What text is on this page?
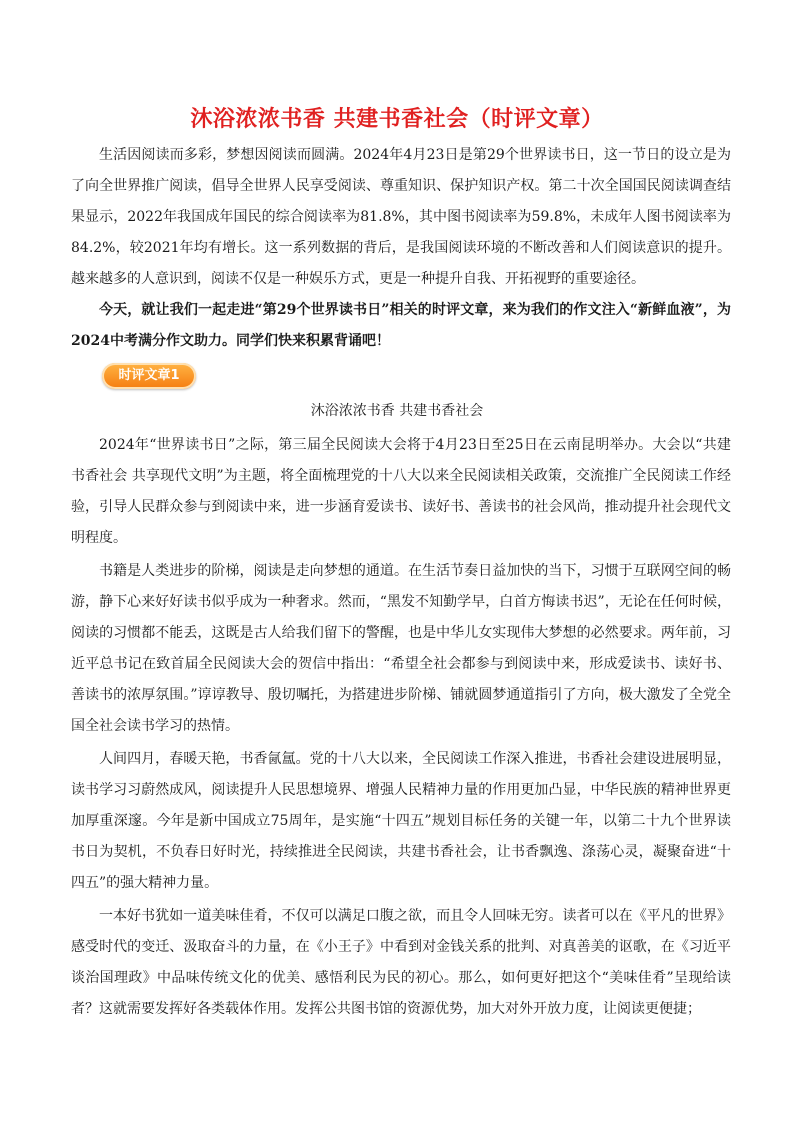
沐浴浓浓书香 共建书香社会（时评文章）

生活因阅读而多彩，梦想因阅读而圆满。2024年4月23日是第29个世界读书日，这一节日的设立是为了向全世界推广阅读，倡导全世界人民享受阅读、尊重知识、保护知识产权。第二十次全国国民阅读调查结果显示，2022年我国成年国民的综合阅读率为81.8%，其中图书阅读率为59.8%，未成年人图书阅读率为84.2%，较2021年均有增长。这一系列数据的背后，是我国阅读环境的不断改善和人们阅读意识的提升。越来越多的人意识到，阅读不仅是一种娱乐方式，更是一种提升自我、开拓视野的重要途径。

今天，就让我们一起走进“第29个世界读书日”相关的时评文章，来为我们的作文注入“新鲜血液”，为2024中考满分作文助力。同学们快来积累背诵吧！

时评文章1
沐浴浓浓书香 共建书香社会

2024年“世界读书日”之际，第三届全民阅读大会将于4月23日至25日在云南昆明举办。大会以“共建书香社会 共享现代文明”为主题，将全面梳理党的十八大以来全民阅读相关政策，交流推广全民阅读工作经验，引导人民群众参与到阅读中来，进一步涵育爱读书、读好书、善读书的社会风尚，推动提升社会现代文明程度。

书籍是人类进步的阶梯，阅读是走向梦想的通道。在生活节奏日益加快的当下，习惯于互联网空间的畅游，静下心来好好读书似乎成为一种奢求。然而，“黑发不知勤学早，白首方悔读书迟”，无论在任何时候，阅读的习惯都不能丢，这既是古人给我们留下的警醒，也是中华儿女实现伟大梦想的必然要求。两年前，习近平总书记在致首届全民阅读大会的贺信中指出：“希望全社会都参与到阅读中来，形成爱读书、读好书、善读书的浓厚氛围。”谆谆教导、殷切嘱托，为搭建进步阶梯、铺就圆梦通道指引了方向，极大激发了全党全国全社会读书学习的热情。

人间四月，春暖天艳，书香氤氲。党的十八大以来，全民阅读工作深入推进，书香社会建设进展明显，读书学习习蔚然成风，阅读提升人民思想境界、增强人民精神力量的作用更加凸显，中华民族的精神世界更加厚重深邃。今年是新中国成立75周年，是实施“十四五”规划目标任务的关键一年，以第二十九个世界读书日为契机，不负春日好时光，持续推进全民阅读，共建书香社会，让书香飘逸、涤荡心灵，凝聚奋进“十四五”的强大精神力量。

一本好书犹如一道美味佳肴，不仅可以满足口腹之欲，而且令人回味无穷。读者可以在《平凡的世界》感受时代的变迁、汲取奋斗的力量，在《小王子》中看到对金钱关系的批判、对真善美的讴歌，在《习近平谈治国理政》中品味传统文化的优美、感悟利民为民的初心。那么，如何更好把这个“美味佳肴”呈现给读者？这就需要发挥好各类载体作用。发挥公共图书馆的资源优势，加大对外开放力度，让阅读更便捷；
